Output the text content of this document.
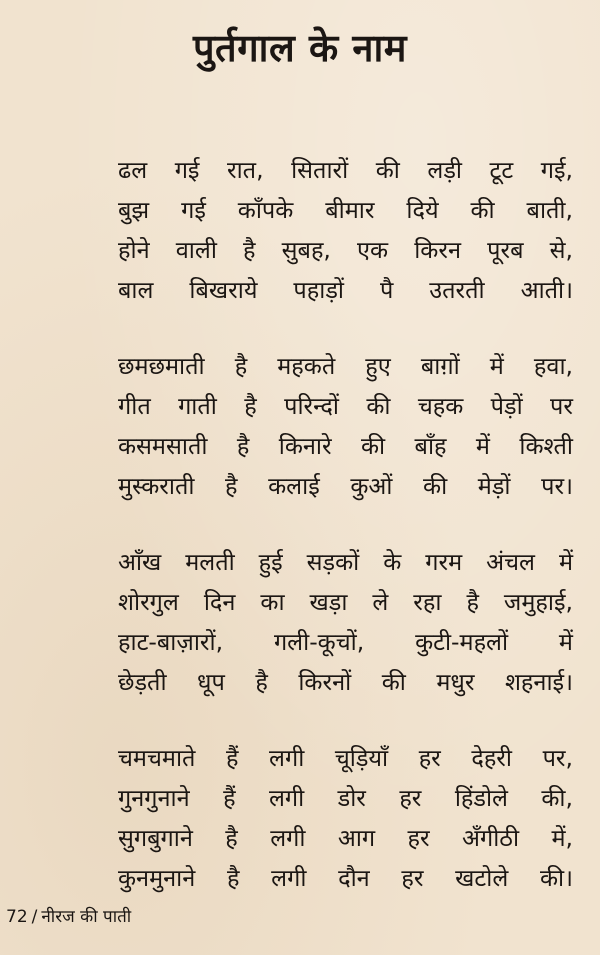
पुर्तगाल के नाम
ढल गई रात, सितारों की लड़ी टूट गई,
बुझ गई काँपके बीमार दिये की बाती,
होने वाली है सुबह, एक किरन पूरब से,
बाल बिखराये पहाड़ों पै उतरती आती।
छमछमाती है महकते हुए बाग़ों में हवा,
गीत गाती है परिन्दों की चहक पेड़ों पर
कसमसाती है किनारे की बाँह में किश्ती
मुस्कराती है कलाई कुओं की मेड़ों पर।
आँख मलती हुई सड़कों के गरम अंचल में
शोरगुल दिन का खड़ा ले रहा है जमुहाई,
हाट-बाज़ारों, गली-कूचों, कुटी-महलों में
छेड़ती धूप है किरनों की मधुर शहनाई।
चमचमाते हैं लगी चूड़ियाँ हर देहरी पर,
गुनगुनाने हैं लगी डोर हर हिंडोले की,
सुगबुगाने है लगी आग हर अँगीठी में,
कुनमुनाने है लगी दौन हर खटोले की।
72 / नीरज की पाती
